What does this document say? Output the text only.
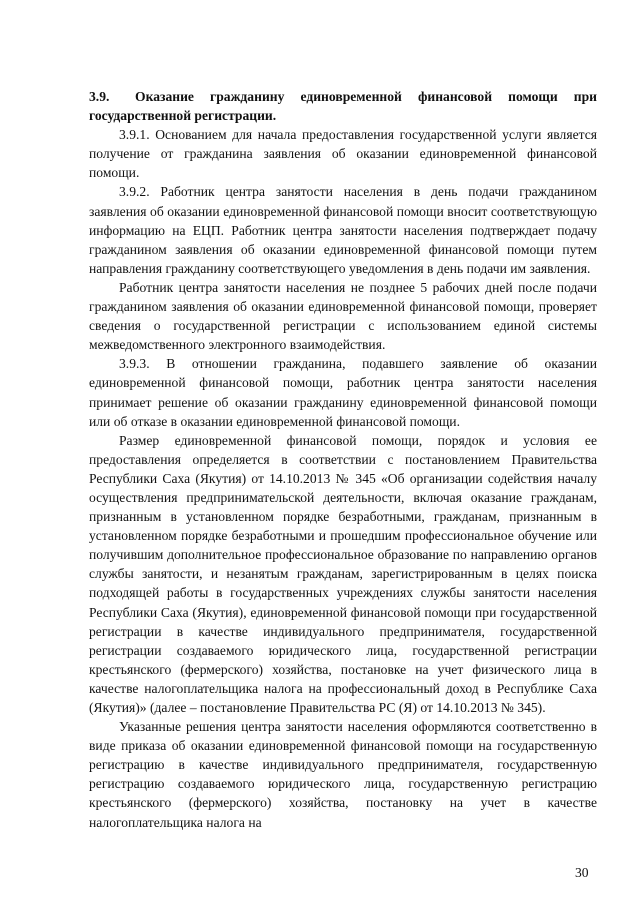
3.9. Оказание гражданину единовременной финансовой помощи при государственной регистрации.

3.9.1. Основанием для начала предоставления государственной услуги является получение от гражданина заявления об оказании единовременной финансовой помощи.

3.9.2. Работник центра занятости населения в день подачи гражданином заявления об оказании единовременной финансовой помощи вносит соответствующую информацию на ЕЦП. Работник центра занятости населения подтверждает подачу гражданином заявления об оказании единовременной финансовой помощи путем направления гражданину соответствующего уведомления в день подачи им заявления.

Работник центра занятости населения не позднее 5 рабочих дней после подачи гражданином заявления об оказании единовременной финансовой помощи, проверяет сведения о государственной регистрации с использованием единой системы межведомственного электронного взаимодействия.

3.9.3. В отношении гражданина, подавшего заявление об оказании единовременной финансовой помощи, работник центра занятости населения принимает решение об оказании гражданину единовременной финансовой помощи или об отказе в оказании единовременной финансовой помощи.

Размер единовременной финансовой помощи, порядок и условия ее предоставления определяется в соответствии с постановлением Правительства Республики Саха (Якутия) от 14.10.2013 № 345 «Об организации содействия началу осуществления предпринимательской деятельности, включая оказание гражданам, признанным в установленном порядке безработными, гражданам, признанным в установленном порядке безработными и прошедшим профессиональное обучение или получившим дополнительное профессиональное образование по направлению органов службы занятости, и незанятым гражданам, зарегистрированным в целях поиска подходящей работы в государственных учреждениях службы занятости населения Республики Саха (Якутия), единовременной финансовой помощи при государственной регистрации в качестве индивидуального предпринимателя, государственной регистрации создаваемого юридического лица, государственной регистрации крестьянского (фермерского) хозяйства, постановке на учет физического лица в качестве налогоплательщика налога на профессиональный доход в Республике Саха (Якутия)» (далее – постановление Правительства РС (Я) от 14.10.2013 № 345).

Указанные решения центра занятости населения оформляются соответственно в виде приказа об оказании единовременной финансовой помощи на государственную регистрацию в качестве индивидуального предпринимателя, государственную регистрацию создаваемого юридического лица, государственную регистрацию крестьянского (фермерского) хозяйства, постановку на учет в качестве налогоплательщика налога на

30
